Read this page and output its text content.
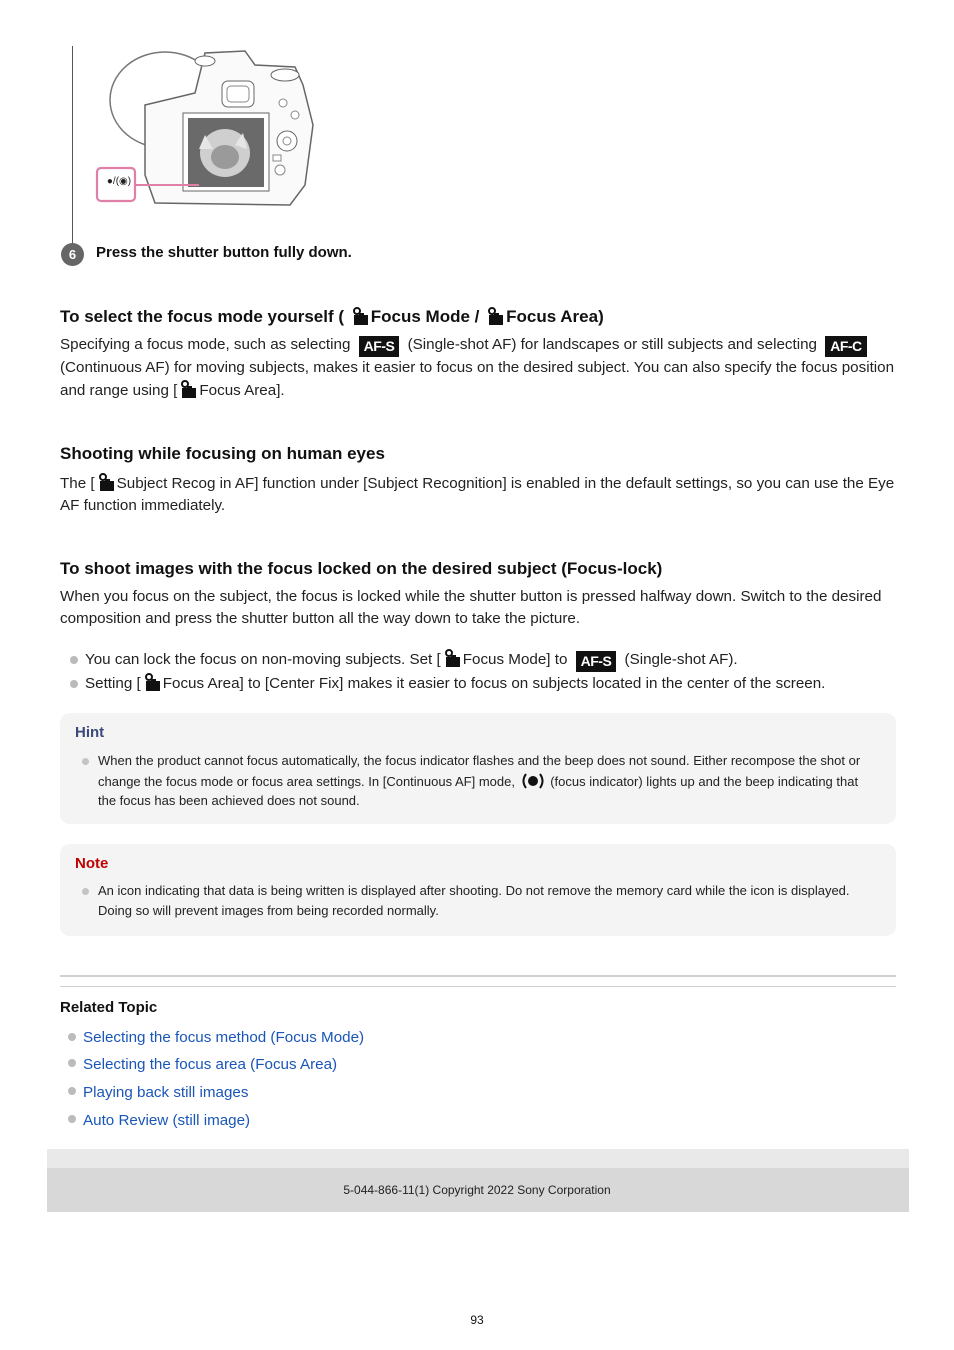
●/(◉)
6	Press the shutter button fully down.
To select the focus mode yourself ( Focus Mode / Focus Area)

Specifying a focus mode, such as selecting AF-S (Single-shot AF) for landscapes or still subjects and selecting AF-C (Continuous AF) for moving subjects, makes it easier to focus on the desired subject. You can also specify the focus position and range using [ Focus Area].

Shooting while focusing on human eyes

The [ Subject Recog in AF] function under [Subject Recognition] is enabled in the default settings, so you can use the Eye AF function immediately.

To shoot images with the focus locked on the desired subject (Focus-lock)

When you focus on the subject, the focus is locked while the shutter button is pressed halfway down. Switch to the desired composition and press the shutter button all the way down to take the picture.

You can lock the focus on non-moving subjects. Set [ Focus Mode] to AF-S (Single-shot AF).
Setting [ Focus Area] to [Center Fix] makes it easier to focus on subjects located in the center of the screen.
Hint
When the product cannot focus automatically, the focus indicator flashes and the beep does not sound. Either recompose the shot or change the focus mode or focus area settings. In [Continuous AF] mode,	(focus indicator) lights up and the beep indicating that the focus has been achieved does not sound.
Note
An icon indicating that data is being written is displayed after shooting. Do not remove the memory card while the icon is displayed. Doing so will prevent images from being recorded normally.
Related Topic
Selecting the focus method (Focus Mode)
Selecting the focus area (Focus Area)
Playing back still images
Auto Review (still image)
5-044-866-11(1) Copyright 2022 Sony Corporation
93
